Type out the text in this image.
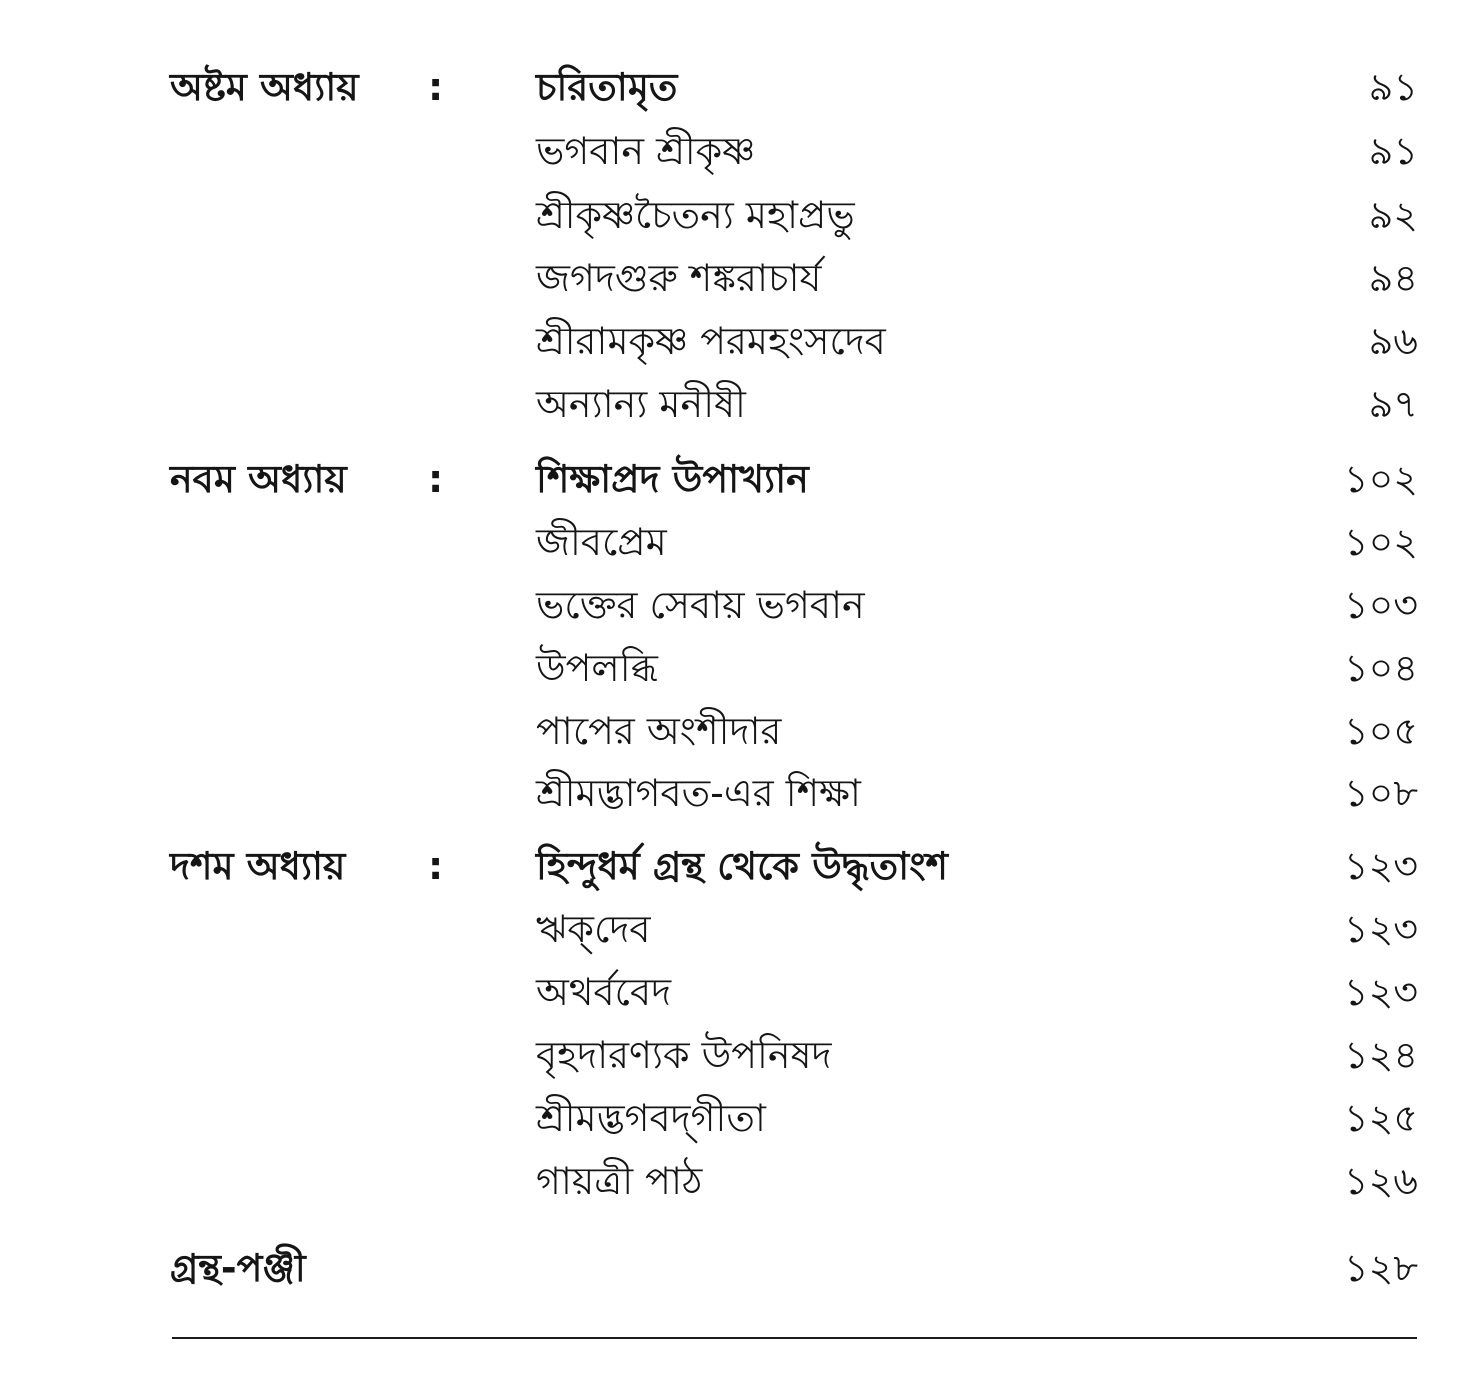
অষ্টম অধ্যায় : চরিতামৃত	৯১
ভগবান শ্রীকৃষ্ণ	৯১
শ্রীকৃষ্ণচৈতন্য মহাপ্রভু	৯২
জগদগুরু শঙ্করাচার্য	৯৪
শ্রীরামকৃষ্ণ পরমহংসদেব	৯৬
অন্যান্য মনীষী	৯৭
নবম অধ্যায় : শিক্ষাপ্রদ উপাখ্যান	১০২
জীবপ্রেম	১০২
ভক্তের সেবায় ভগবান	১০৩
উপলব্ধি	১০৪
পাপের অংশীদার	১০৫
শ্রীমদ্ভাগবত-এর শিক্ষা	১০৮
দশম অধ্যায় : হিন্দুধর্ম গ্রন্থ থেকে উদ্ধৃতাংশ	১২৩
ঋক্‌দেব	১২৩
অথর্ববেদ	১২৩
বৃহদারণ্যক উপনিষদ	১২৪
শ্রীমদ্ভগবদ্‌গীতা	১২৫
গায়ত্রী পাঠ	১২৬
গ্রন্থ-পঞ্জী	১২৮
